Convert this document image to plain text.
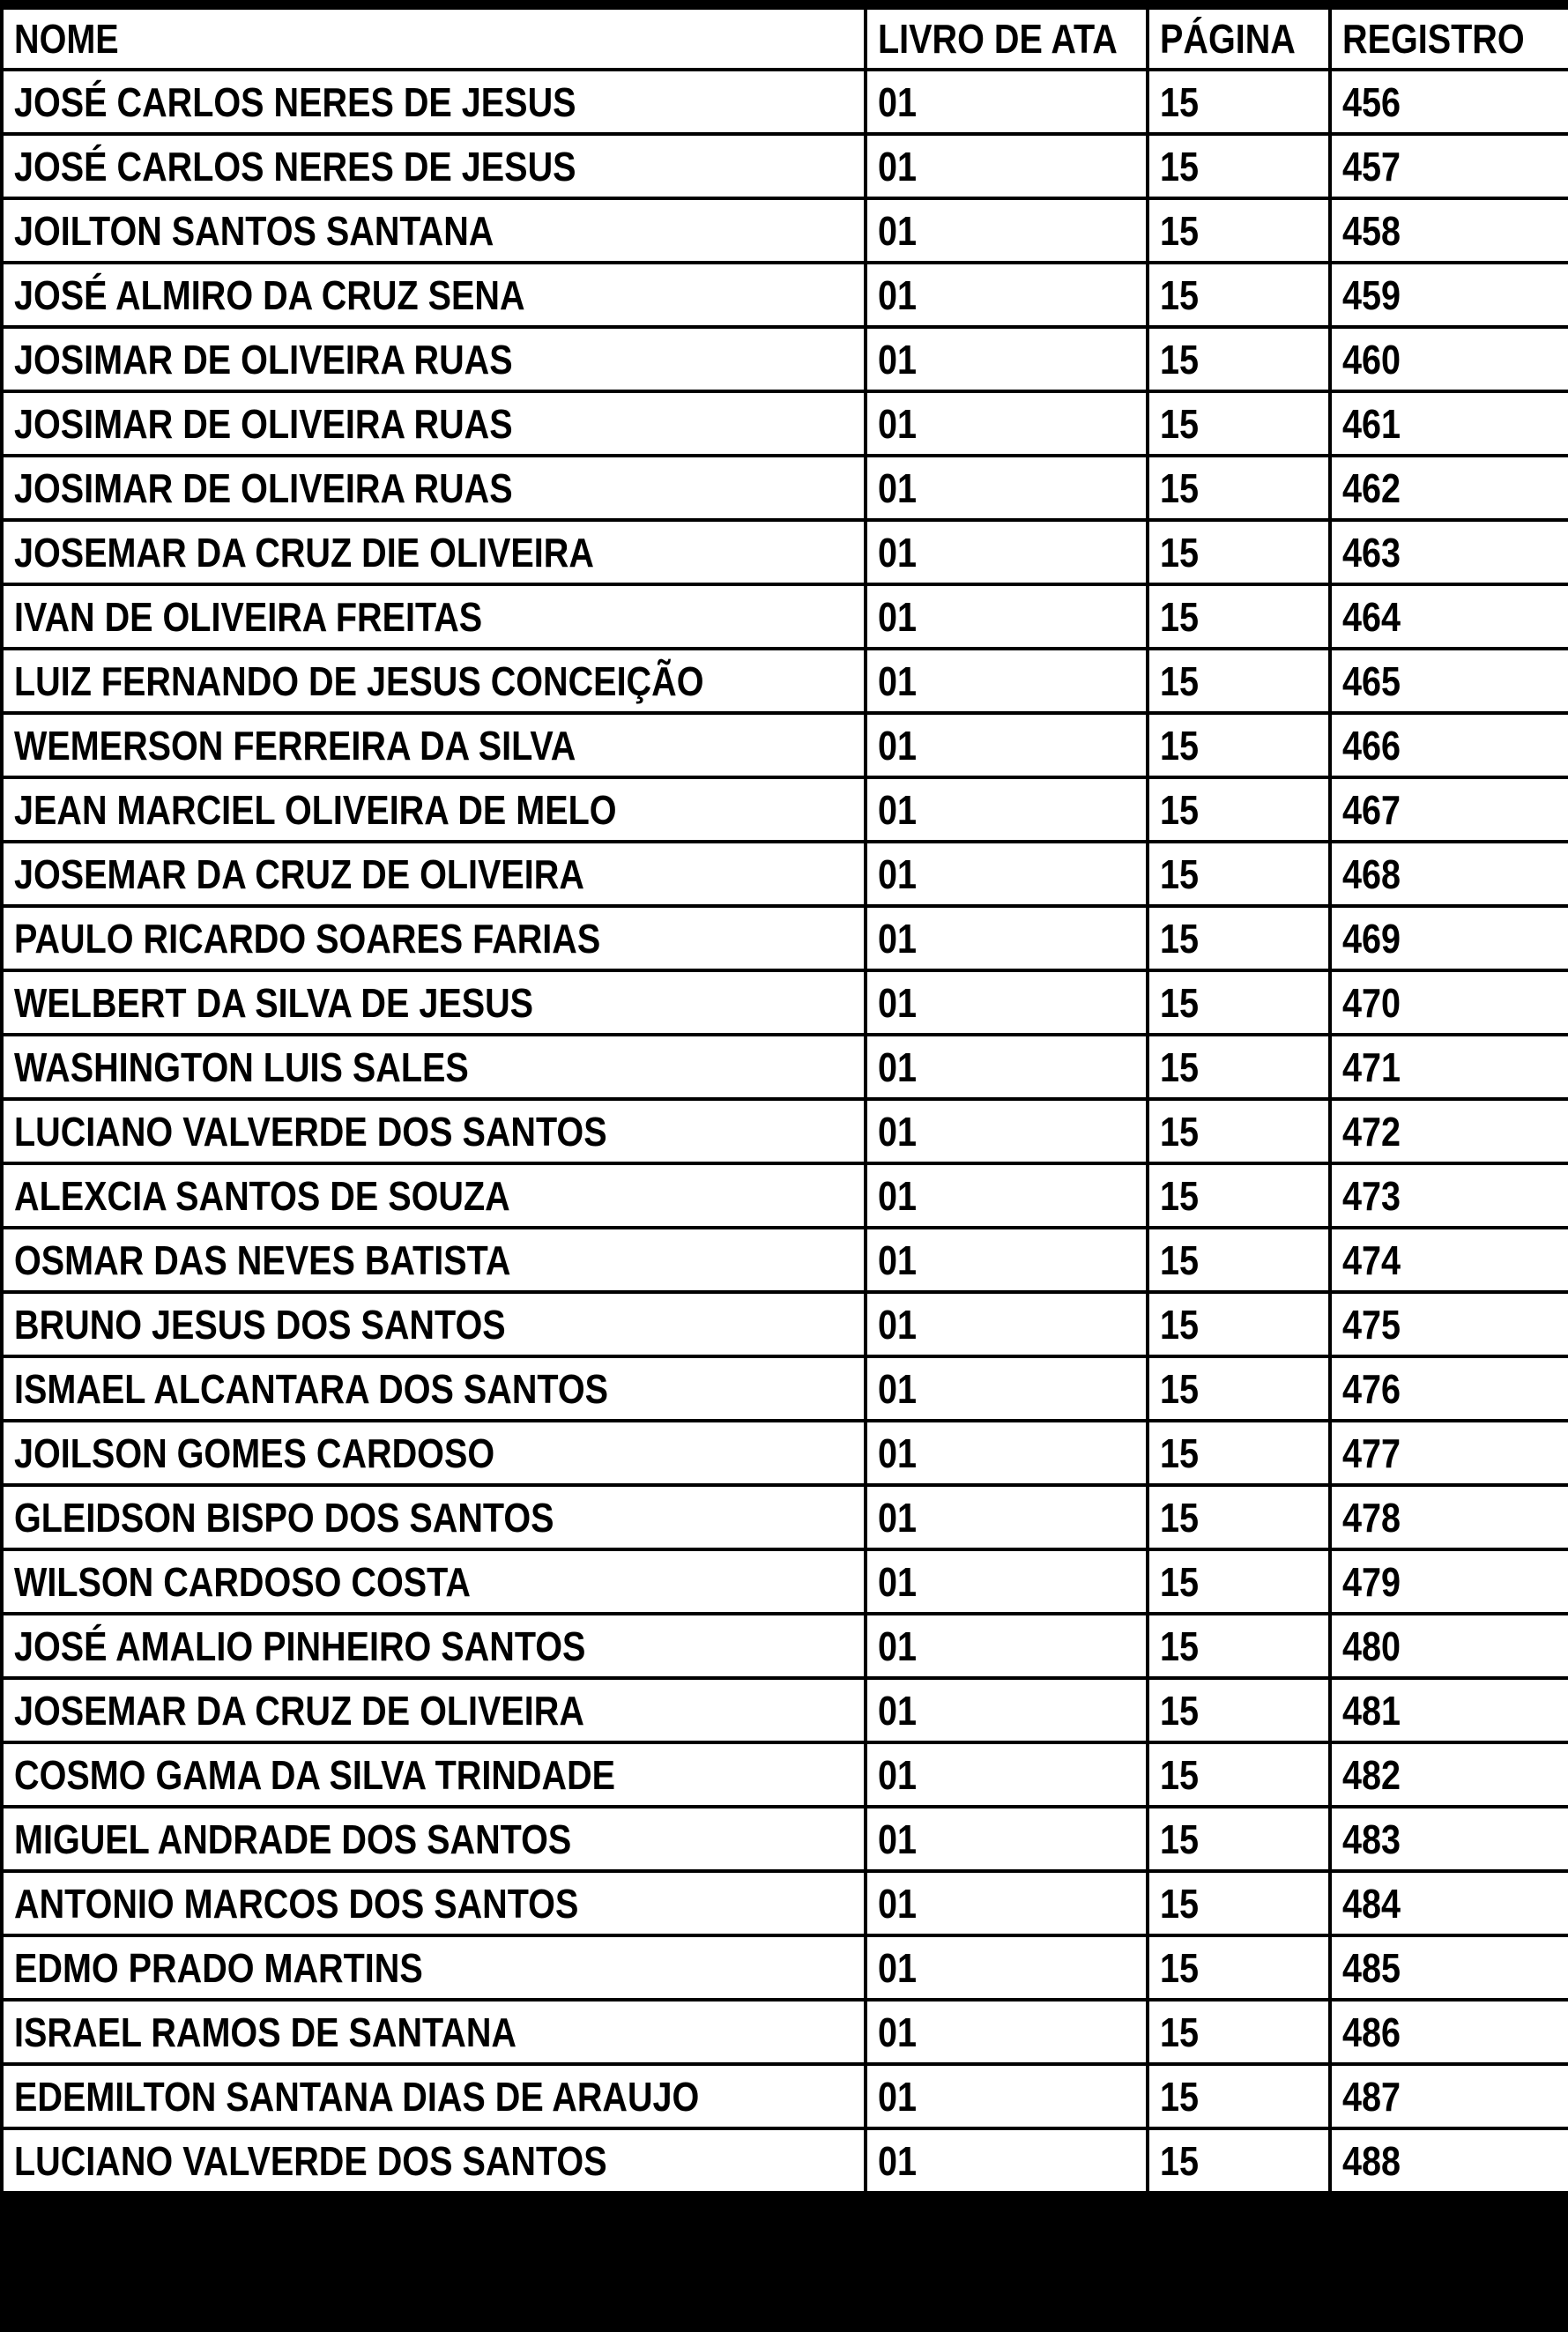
NOME	LIVRO DE ATA	PÁGINA	REGISTRO
JOSÉ CARLOS NERES DE JESUS	01	15	456
JOSÉ CARLOS NERES DE JESUS	01	15	457
JOILTON SANTOS SANTANA	01	15	458
JOSÉ ALMIRO DA CRUZ SENA	01	15	459
JOSIMAR DE OLIVEIRA RUAS	01	15	460
JOSIMAR DE OLIVEIRA RUAS	01	15	461
JOSIMAR DE OLIVEIRA RUAS	01	15	462
JOSEMAR DA CRUZ DIE OLIVEIRA	01	15	463
IVAN DE OLIVEIRA FREITAS	01	15	464
LUIZ FERNANDO DE JESUS CONCEIÇÃO	01	15	465
WEMERSON FERREIRA DA SILVA	01	15	466
JEAN MARCIEL OLIVEIRA DE MELO	01	15	467
JOSEMAR DA CRUZ DE OLIVEIRA	01	15	468
PAULO RICARDO SOARES FARIAS	01	15	469
WELBERT DA SILVA DE JESUS	01	15	470
WASHINGTON LUIS SALES	01	15	471
LUCIANO VALVERDE DOS SANTOS	01	15	472
ALEXCIA SANTOS DE SOUZA	01	15	473
OSMAR DAS NEVES BATISTA	01	15	474
BRUNO JESUS DOS SANTOS	01	15	475
ISMAEL ALCANTARA DOS SANTOS	01	15	476
JOILSON GOMES CARDOSO	01	15	477
GLEIDSON BISPO DOS SANTOS	01	15	478
WILSON CARDOSO COSTA	01	15	479
JOSÉ AMALIO PINHEIRO SANTOS	01	15	480
JOSEMAR DA CRUZ DE OLIVEIRA	01	15	481
COSMO GAMA DA SILVA TRINDADE	01	15	482
MIGUEL ANDRADE DOS SANTOS	01	15	483
ANTONIO MARCOS DOS SANTOS	01	15	484
EDMO PRADO MARTINS	01	15	485
ISRAEL RAMOS DE SANTANA	01	15	486
EDEMILTON SANTANA DIAS DE ARAUJO	01	15	487
LUCIANO VALVERDE DOS SANTOS	01	15	488
